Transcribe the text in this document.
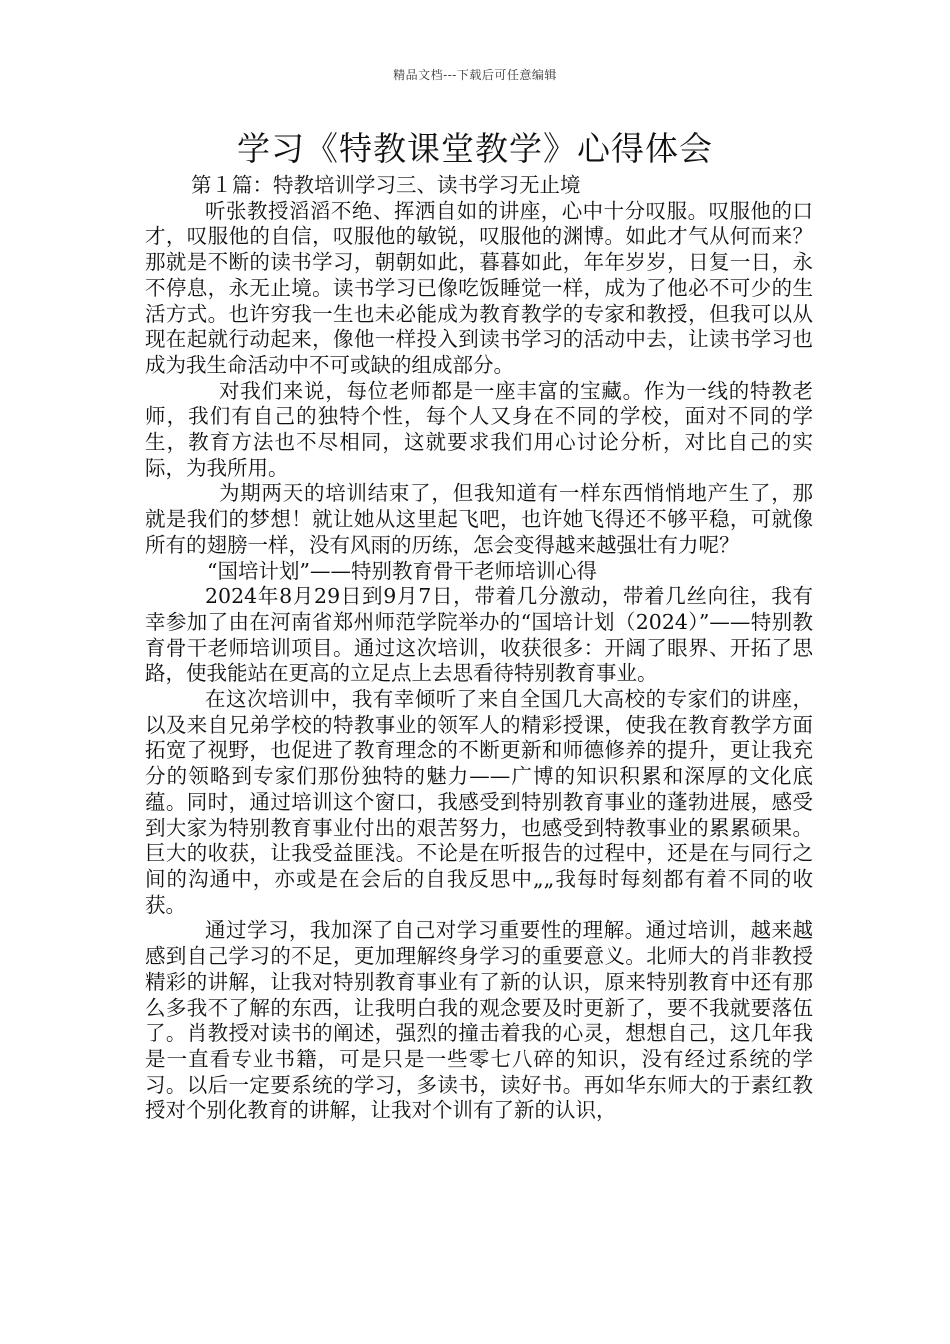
精品文档---下载后可任意编辑
学习《特教课堂教学》心得体会

第１篇：特教培训学习三、读书学习无止境

听张教授滔滔不绝、挥洒自如的讲座，心中十分叹服。叹服他的口才，叹服他的自信，叹服他的敏锐，叹服他的渊博。如此才气从何而来？那就是不断的读书学习，朝朝如此，暮暮如此，年年岁岁，日复一日，永不停息，永无止境。读书学习已像吃饭睡觉一样，成为了他必不可少的生活方式。也许穷我一生也未必能成为教育教学的专家和教授，但我可以从现在起就行动起来，像他一样投入到读书学习的活动中去，让读书学习也成为我生命活动中不可或缺的组成部分。

对我们来说，每位老师都是一座丰富的宝藏。作为一线的特教老师，我们有自己的独特个性，每个人又身在不同的学校，面对不同的学生，教育方法也不尽相同，这就要求我们用心讨论分析，对比自己的实际，为我所用。

为期两天的培训结束了，但我知道有一样东西悄悄地产生了，那就是我们的梦想！就让她从这里起飞吧，也许她飞得还不够平稳，可就像所有的翅膀一样，没有风雨的历练，怎会变得越来越强壮有力呢？

“国培计划”——特别教育骨干老师培训心得

2024年8月29日到9月7日，带着几分激动，带着几丝向往，我有幸参加了由在河南省郑州师范学院举办的“国培计划（2024）”——特别教育骨干老师培训项目。通过这次培训，收获很多：开阔了眼界、开拓了思路，使我能站在更高的立足点上去思看待特别教育事业。

在这次培训中，我有幸倾听了来自全国几大高校的专家们的讲座，以及来自兄弟学校的特教事业的领军人的精彩授课，使我在教育教学方面拓宽了视野，也促进了教育理念的不断更新和师德修养的提升，更让我充分的领略到专家们那份独特的魅力——广博的知识积累和深厚的文化底蕴。同时，通过培训这个窗口，我感受到特别教育事业的蓬勃进展，感受到大家为特别教育事业付出的艰苦努力，也感受到特教事业的累累硕果。巨大的收获，让我受益匪浅。不论是在听报告的过程中，还是在与同行之间的沟通中，亦或是在会后的自我反思中„„我每时每刻都有着不同的收获。

通过学习，我加深了自己对学习重要性的理解。通过培训，越来越感到自己学习的不足，更加理解终身学习的重要意义。北师大的肖非教授精彩的讲解，让我对特别教育事业有了新的认识，原来特别教育中还有那么多我不了解的东西，让我明白我的观念要及时更新了，要不我就要落伍了。肖教授对读书的阐述，强烈的撞击着我的心灵，想想自己，这几年我是一直看专业书籍，可是只是一些零七八碎的知识，没有经过系统的学习。以后一定要系统的学习，多读书，读好书。再如华东师大的于素红教授对个别化教育的讲解，让我对个训有了新的认识，
